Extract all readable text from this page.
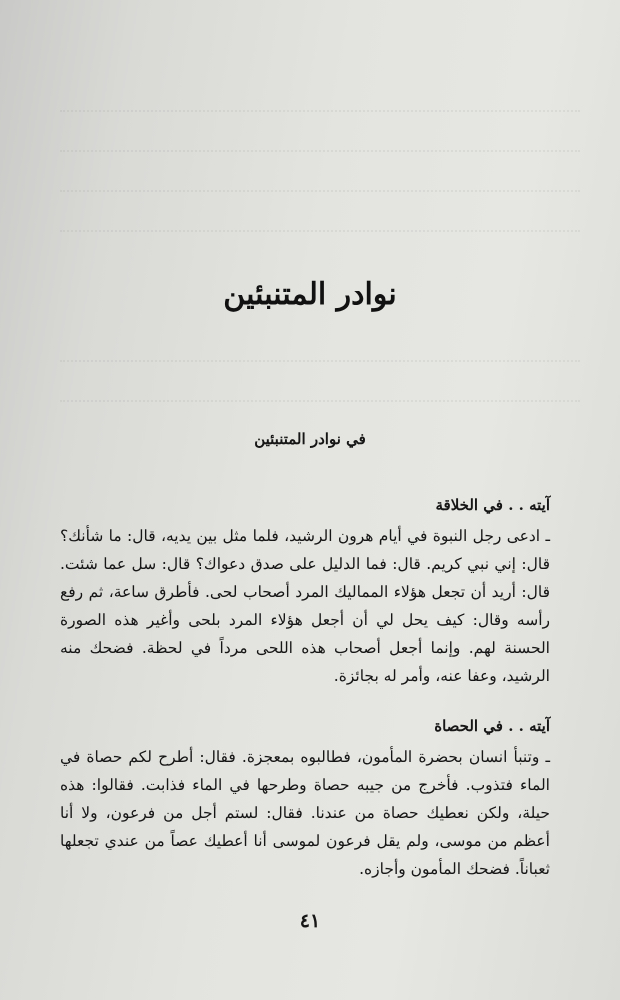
نوادر المتنبئين
في نوادر المتنبئين
آيته . . في الخلاقة

ـ ادعى رجل النبوة في أيام هرون الرشيد، فلما مثل بين يديه، قال: ما شأنك؟ قال: إني نبي كريم. قال: فما الدليل على صدق دعواك؟ قال: سل عما شئت. قال: أريد أن تجعل هؤلاء المماليك المرد أصحاب لحى. فأطرق ساعة، ثم رفع رأسه وقال: كيف يحل لي أن أجعل هؤلاء المرد بلحى وأغير هذه الصورة الحسنة لهم. وإنما أجعل أصحاب هذه اللحى مرداً في لحظة. فضحك منه الرشيد، وعفا عنه، وأمر له بجائزة.

آيته . . في الحصاة

ـ وتنبأ انسان بحضرة المأمون، فطالبوه بمعجزة. فقال: أطرح لكم حصاة في الماء فتذوب. فأخرج من جيبه حصاة وطرحها في الماء فذابت. فقالوا: هذه حيلة، ولكن نعطيك حصاة من عندنا. فقال: لستم أجل من فرعون، ولا أنا أعظم من موسى، ولم يقل فرعون لموسى أنا أعطيك عصاً من عندي تجعلها ثعباناً. فضحك المأمون وأجازه.

٤١
